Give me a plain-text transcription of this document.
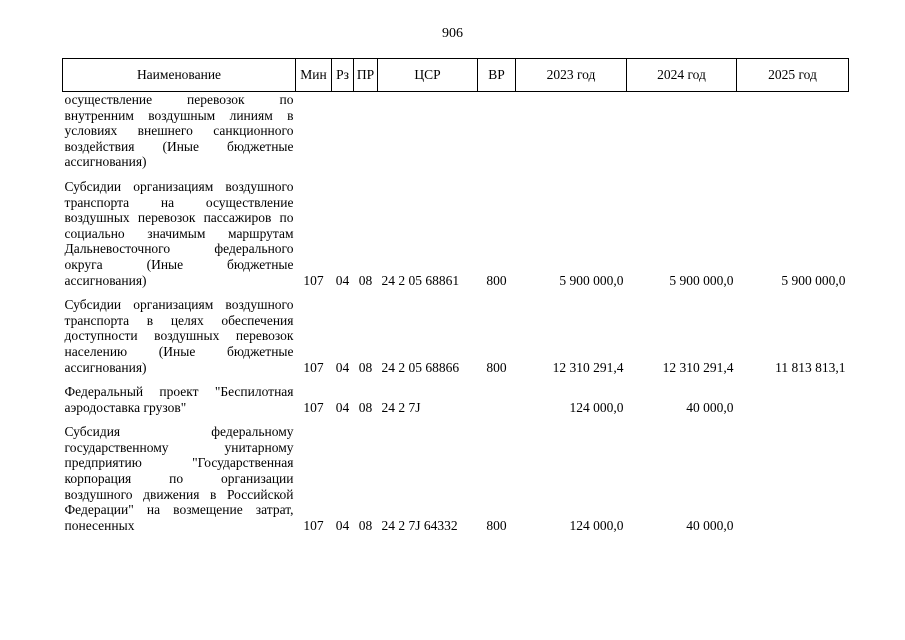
906
Наименование	Мин	Рз	ПР	ЦСР	ВР	2023 год	2024 год	2025 год
осуществление перевозок по внутренним воздушным линиям в условиях внешнего санкционного воздействия (Иные бюджетные ассигнования)								

Субсидии организациям воздушного транспорта на осуществление воздушных перевозок пассажиров по социально значимым маршрутам Дальневосточного федерального округа (Иные бюджетные ассигнования)	107	04	08	24 2 05 68861	800	5 900 000,0	5 900 000,0	5 900 000,0

Субсидии организациям воздушного транспорта в целях обеспечения доступности воздушных перевозок населению (Иные бюджетные ассигнования)	107	04	08	24 2 05 68866	800	12 310 291,4	12 310 291,4	11 813 813,1

Федеральный проект "Беспилотная аэродоставка грузов"	107	04	08	24 2 7J		124 000,0	40 000,0	

Субсидия федеральному государственному унитарному предприятию "Государственная корпорация по организации воздушного движения в Российской Федерации" на возмещение затрат, понесенных	107	04	08	24 2 7J 64332	800	124 000,0	40 000,0	
